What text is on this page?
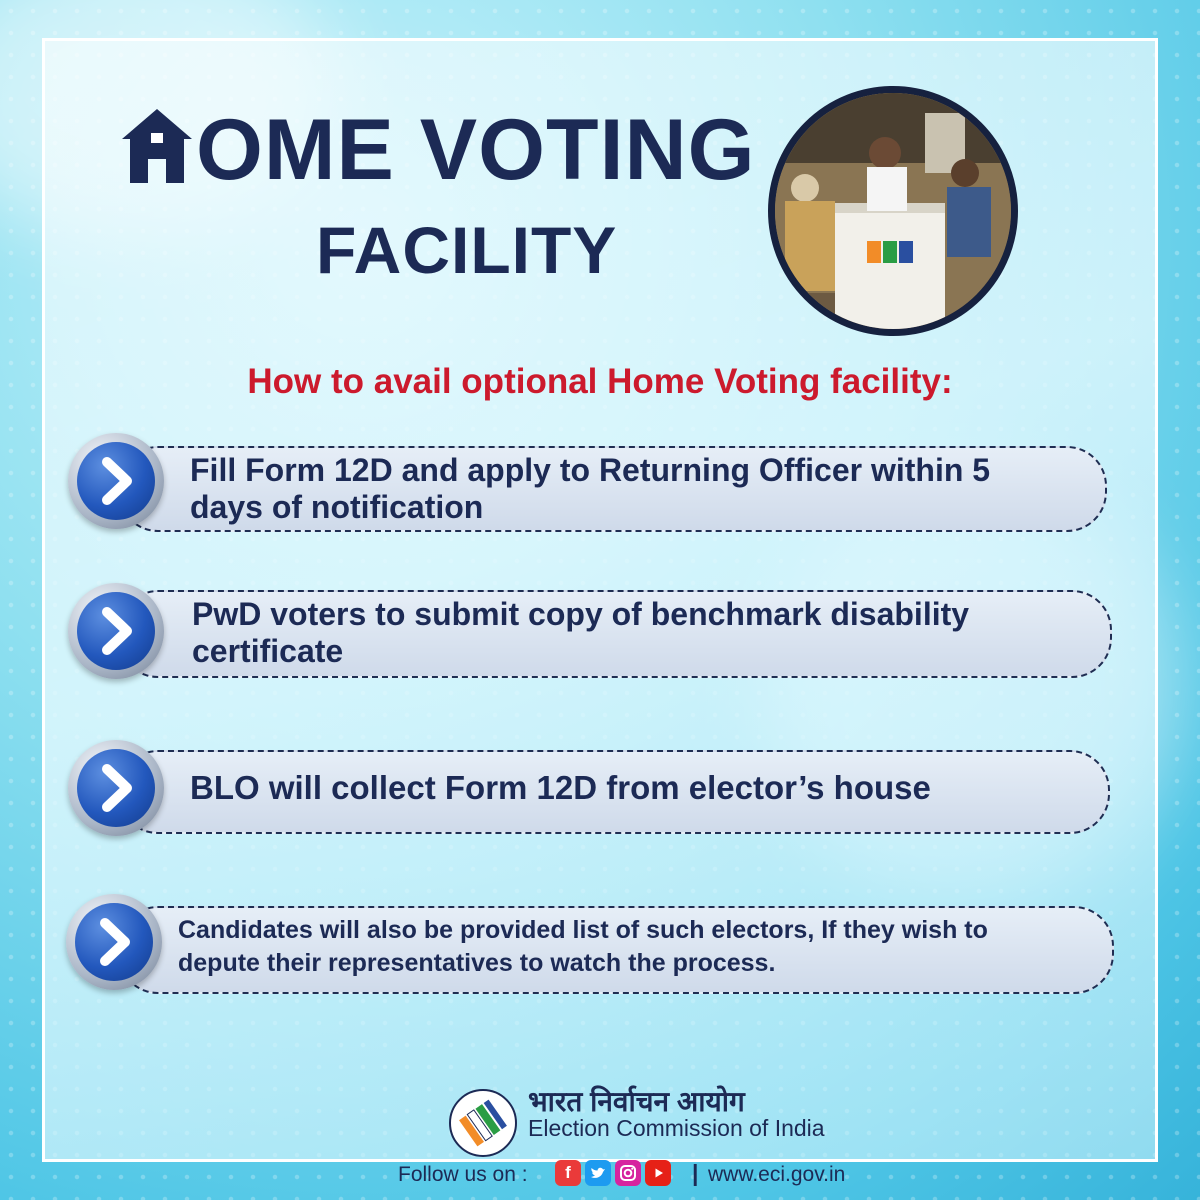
OME VOTING
FACILITY
How to avail optional Home Voting facility:
Fill Form 12D and apply to Returning Officer within 5
days of notification
PwD voters to submit copy of benchmark disability
certificate
BLO will collect Form 12D from elector’s house
Candidates will also be provided list of such electors, If they wish to
depute their representatives to watch the process.
भारत निर्वाचन आयोग
Election Commission of India
Follow us on :	f	| www.eci.gov.in
